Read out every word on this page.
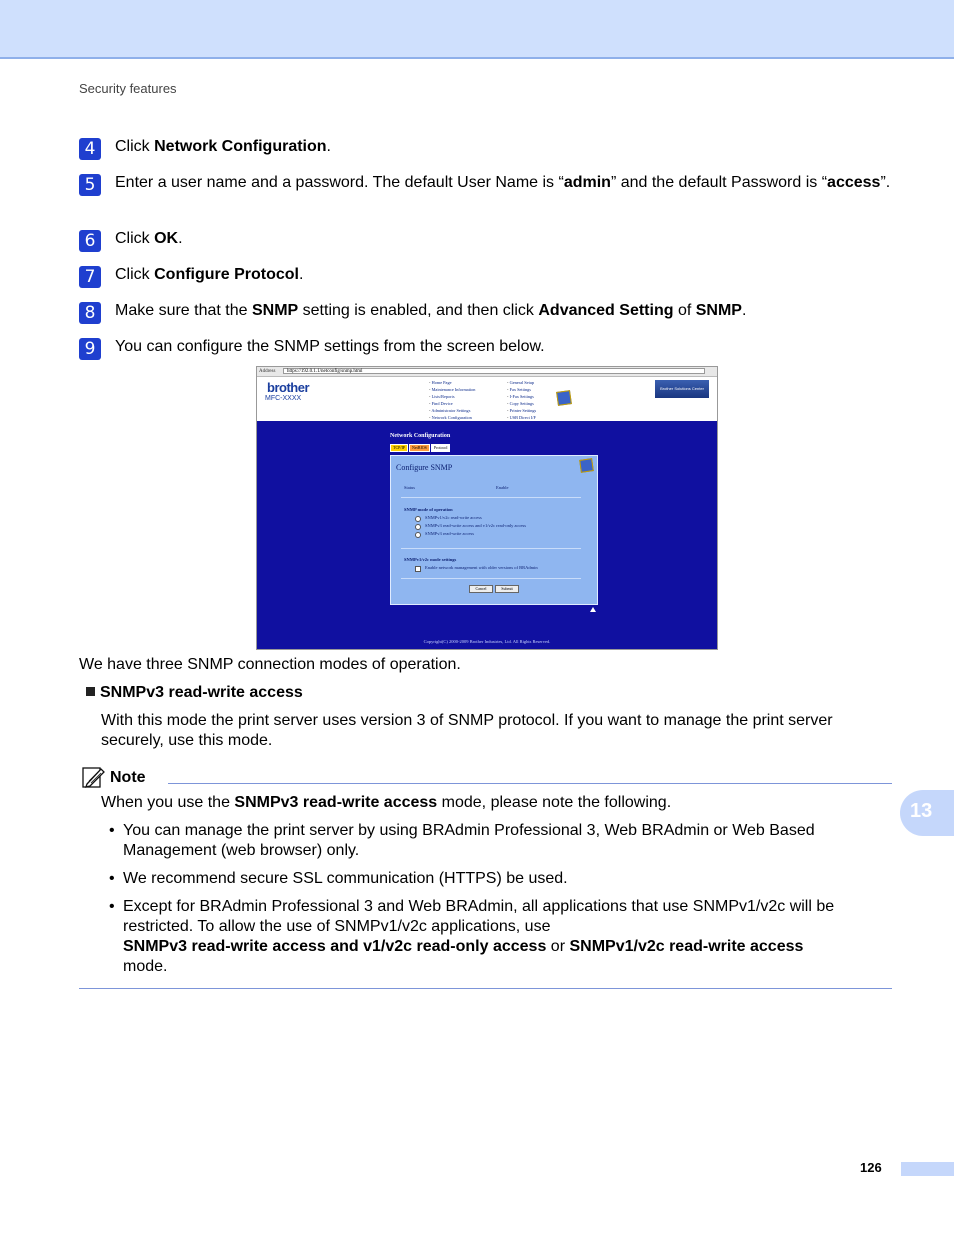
Security features
4	Click Network Configuration.
5	Enter a user name and a password. The default User Name is “admin” and the default Password is “access”.
6	Click OK.
7	Click Configure Protocol.
8	Make sure that the SNMP setting is enabled, and then click Advanced Setting of SNMP.
9	You can configure the SNMP settings from the screen below.
Address	https://192.0.1.1/netconfig/snmp.html
brother
MFC-XXXX
• Home Page
• Maintenance Information
• Lists/Reports
• Find Device
• Administrator Settings
• Network Configuration
• General Setup
• Fax Settings
• I-Fax Settings
• Copy Settings
• Printer Settings
• USB Direct I/F
Brother Solutions Center
Network Configuration
TCP/IP NetBIOS Protocol
Configure SNMP
Status	Enable
SNMP mode of operation
SNMPv1/v2c read-write access
SNMPv3 read-write access and v1/v2c read-only access
SNMPv3 read-write access
SNMPv1/v2c mode settings
Enable network management with older versions of BRAdmin
Cancel	Submit
Copyright(C) 2000-2009 Brother Industries, Ltd. All Rights Reserved.
We have three SNMP connection modes of operation.
SNMPv3 read-write access
With this mode the print server uses version 3 of SNMP protocol. If you want to manage the print server securely, use this mode.
Note
When you use the SNMPv3 read-write access mode, please note the following.
• You can manage the print server by using BRAdmin Professional 3, Web BRAdmin or Web Based Management (web browser) only.
• We recommend secure SSL communication (HTTPS) be used.
• Except for BRAdmin Professional 3 and Web BRAdmin, all applications that use SNMPv1/v2c will be restricted. To allow the use of SNMPv1/v2c applications, use
SNMPv3 read-write access and v1/v2c read-only access or SNMPv1/v2c read-write access
mode.
13
126
